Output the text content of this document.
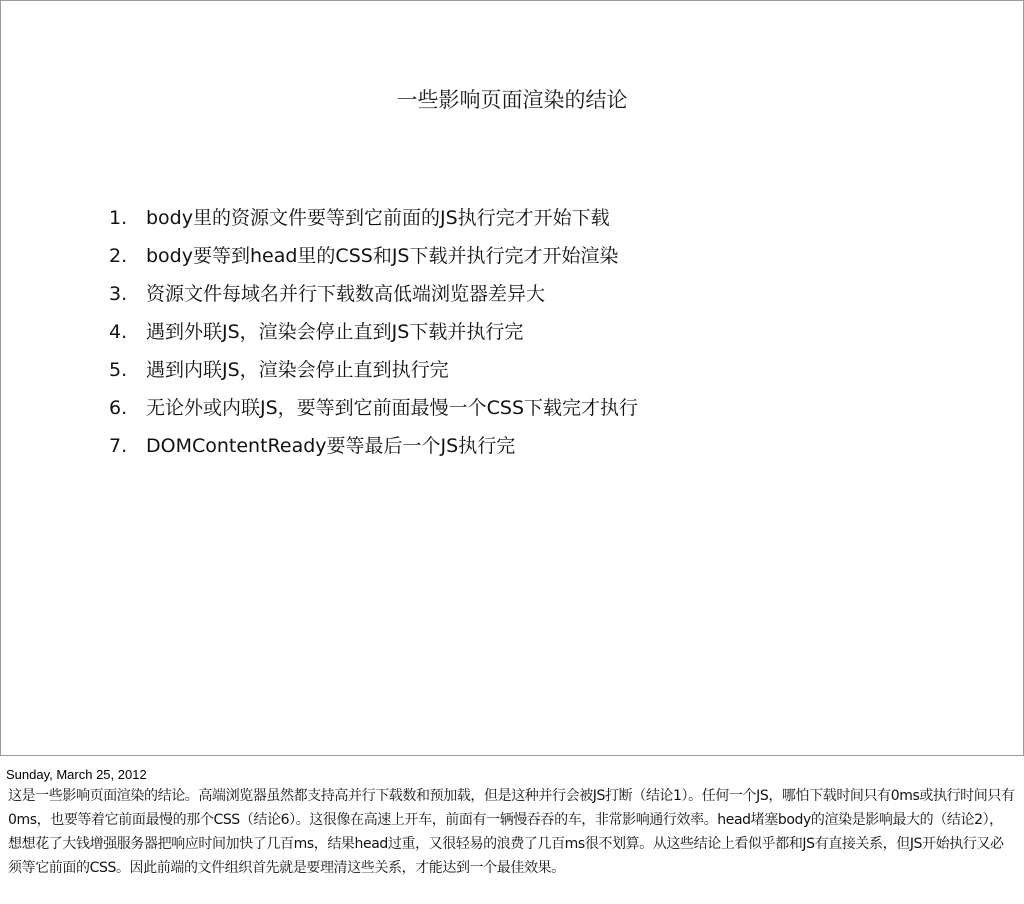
一些影响页面渲染的结论
1. body里的资源文件要等到它前面的JS执行完才开始下载
2. body要等到head里的CSS和JS下载并执行完才开始渲染
3. 资源文件每域名并行下载数高低端浏览器差异大
4. 遇到外联JS，渲染会停止直到JS下载并执行完
5. 遇到内联JS，渲染会停止直到执行完
6. 无论外或内联JS，要等到它前面最慢一个CSS下载完才执行
7. DOMContentReady要等最后一个JS执行完
Sunday, March 25, 2012
这是一些影响页面渲染的结论。高端浏览器虽然都支持高并行下载数和预加载，但是这种并行会被JS打断（结论1）。任何一个JS，哪怕下载时间只有0ms或执行时间只有0ms，也要等着它前面最慢的那个CSS（结论6）。这很像在高速上开车，前面有一辆慢吞吞的车，非常影响通行效率。head堵塞body的渲染是影响最大的（结论2），想想花了大钱增强服务器把响应时间加快了几百ms，结果head过重，又很轻易的浪费了几百ms很不划算。从这些结论上看似乎都和JS有直接关系，但JS开始执行又必须等它前面的CSS。因此前端的文件组织首先就是要理清这些关系，才能达到一个最佳效果。
